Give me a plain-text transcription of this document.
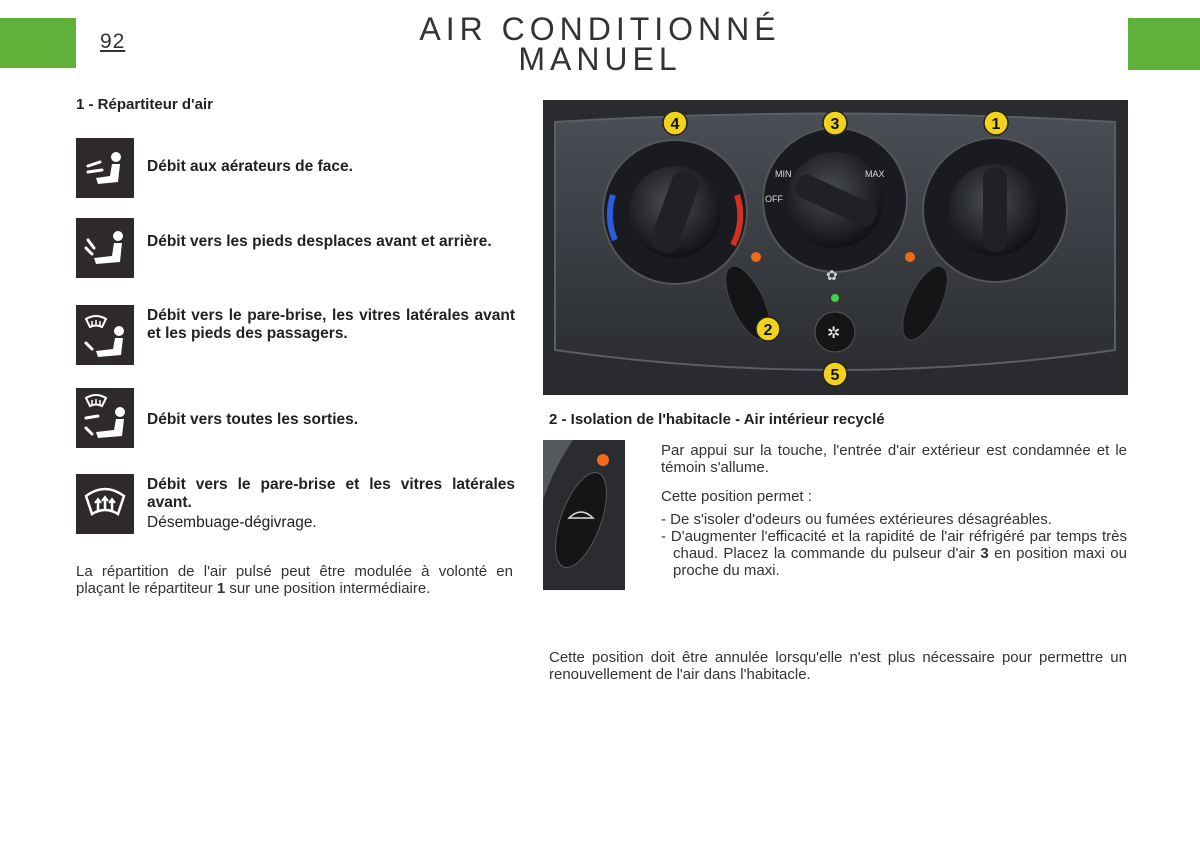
92	AIR CONDITIONNÉ
MANUEL
1 - Répartiteur d'air
Débit aux aérateurs de face.
Débit vers les pieds desplaces avant et arrière.
Débit vers le pare-brise, les vitres latérales avant et les pieds des passagers.
Débit vers toutes les sorties.
Débit vers le pare-brise et les vitres latérales avant.
Désembuage-dégivrage.
La répartition de l'air pulsé peut être modulée à volonté en plaçant le répartiteur 1 sur une position intermédiaire.
MIN	MAX
OFF
✿
✲
4	3	1
2
5
2 - Isolation de l'habitacle - Air intérieur recyclé
Par appui sur la touche, l'entrée d'air extérieur est condamnée et le témoin s'allume.
Cette position permet :
- De s'isoler d'odeurs ou fumées extérieures désagréables.
- D'augmenter l'efficacité et la rapidité de l'air réfrigéré par temps très chaud. Placez la commande du pulseur d'air 3 en position maxi ou proche du maxi.
Cette position doit être annulée lorsqu'elle n'est plus nécessaire pour permettre un renouvellement de l'air dans l'habitacle.
